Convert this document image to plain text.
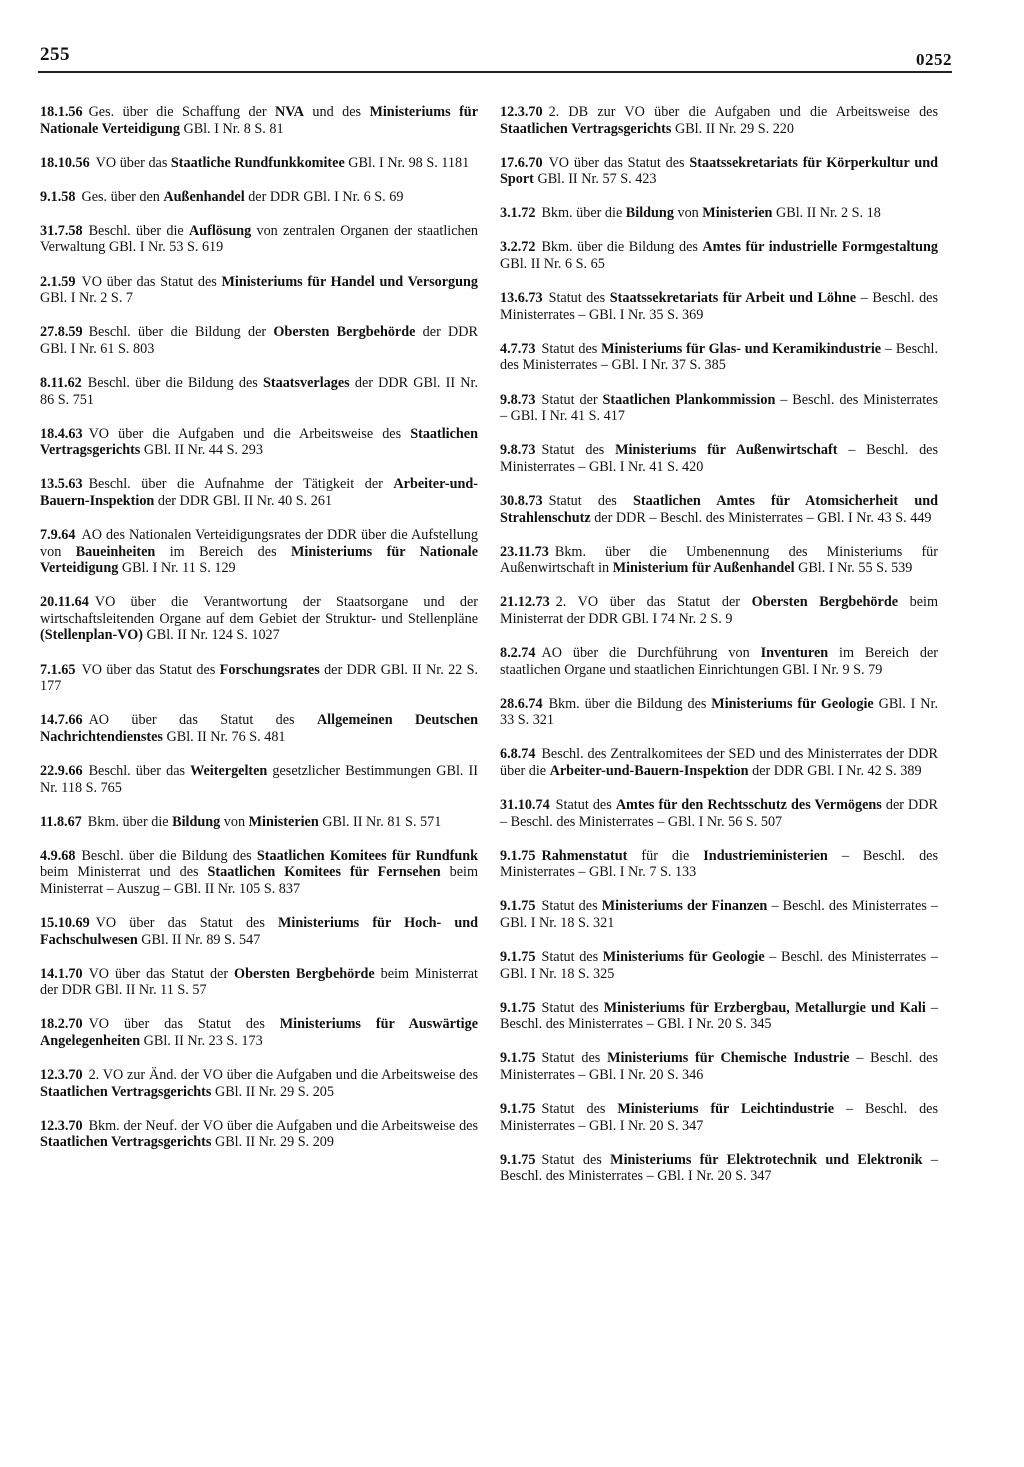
255	0252

18.1.56 Ges. über die Schaffung der NVA und des Ministeriums für Nationale Verteidigung GBl. I Nr. 8 S. 81

18.10.56 VO über das Staatliche Rundfunkkomitee GBl. I Nr. 98 S. 1181

9.1.58 Ges. über den Außenhandel der DDR GBl. I Nr. 6 S. 69

31.7.58 Beschl. über die Auflösung von zentralen Organen der staatlichen Verwaltung GBl. I Nr. 53 S. 619

2.1.59 VO über das Statut des Ministeriums für Handel und Versorgung GBl. I Nr. 2 S. 7

27.8.59 Beschl. über die Bildung der Obersten Bergbehörde der DDR GBl. I Nr. 61 S. 803

8.11.62 Beschl. über die Bildung des Staatsverlages der DDR GBl. II Nr. 86 S. 751

18.4.63 VO über die Aufgaben und die Arbeitsweise des Staatlichen Vertragsgerichts GBl. II Nr. 44 S. 293

13.5.63 Beschl. über die Aufnahme der Tätigkeit der Arbeiter-und-Bauern-Inspektion der DDR GBl. II Nr. 40 S. 261

7.9.64 AO des Nationalen Verteidigungsrates der DDR über die Aufstellung von Baueinheiten im Bereich des Ministeriums für Nationale Verteidigung GBl. I Nr. 11 S. 129

20.11.64 VO über die Verantwortung der Staatsorgane und der wirtschaftsleitenden Organe auf dem Gebiet der Struktur- und Stellenpläne (Stellenplan-VO) GBl. II Nr. 124 S. 1027

7.1.65 VO über das Statut des Forschungsrates der DDR GBl. II Nr. 22 S. 177

14.7.66 AO über das Statut des Allgemeinen Deutschen Nachrichtendienstes GBl. II Nr. 76 S. 481

22.9.66 Beschl. über das Weitergelten gesetzlicher Bestimmungen GBl. II Nr. 118 S. 765

11.8.67 Bkm. über die Bildung von Ministerien GBl. II Nr. 81 S. 571

4.9.68 Beschl. über die Bildung des Staatlichen Komitees für Rundfunk beim Ministerrat und des Staatlichen Komitees für Fernsehen beim Ministerrat – Auszug – GBl. II Nr. 105 S. 837

15.10.69 VO über das Statut des Ministeriums für Hoch- und Fachschulwesen GBl. II Nr. 89 S. 547

14.1.70 VO über das Statut der Obersten Bergbehörde beim Ministerrat der DDR GBl. II Nr. 11 S. 57

18.2.70 VO über das Statut des Ministeriums für Auswärtige Angelegenheiten GBl. II Nr. 23 S. 173

12.3.70 2. VO zur Änd. der VO über die Aufgaben und die Arbeitsweise des Staatlichen Vertragsgerichts GBl. II Nr. 29 S. 205

12.3.70 Bkm. der Neuf. der VO über die Aufgaben und die Arbeitsweise des Staatlichen Vertragsgerichts GBl. II Nr. 29 S. 209

12.3.70 2. DB zur VO über die Aufgaben und die Arbeitsweise des Staatlichen Vertragsgerichts GBl. II Nr. 29 S. 220

17.6.70 VO über das Statut des Staatssekretariats für Körperkultur und Sport GBl. II Nr. 57 S. 423

3.1.72 Bkm. über die Bildung von Ministerien GBl. II Nr. 2 S. 18

3.2.72 Bkm. über die Bildung des Amtes für industrielle Formgestaltung GBl. II Nr. 6 S. 65

13.6.73 Statut des Staatssekretariats für Arbeit und Löhne – Beschl. des Ministerrates – GBl. I Nr. 35 S. 369

4.7.73 Statut des Ministeriums für Glas- und Keramikindustrie – Beschl. des Ministerrates – GBl. I Nr. 37 S. 385

9.8.73 Statut der Staatlichen Plankommission – Beschl. des Ministerrates – GBl. I Nr. 41 S. 417

9.8.73 Statut des Ministeriums für Außenwirtschaft – Beschl. des Ministerrates – GBl. I Nr. 41 S. 420

30.8.73 Statut des Staatlichen Amtes für Atomsicherheit und Strahlenschutz der DDR – Beschl. des Ministerrates – GBl. I Nr. 43 S. 449

23.11.73 Bkm. über die Umbenennung des Ministeriums für Außenwirtschaft in Ministerium für Außenhandel GBl. I Nr. 55 S. 539

21.12.73 2. VO über das Statut der Obersten Bergbehörde beim Ministerrat der DDR GBl. I 74 Nr. 2 S. 9

8.2.74 AO über die Durchführung von Inventuren im Bereich der staatlichen Organe und staatlichen Einrichtungen GBl. I Nr. 9 S. 79

28.6.74 Bkm. über die Bildung des Ministeriums für Geologie GBl. I Nr. 33 S. 321

6.8.74 Beschl. des Zentralkomitees der SED und des Ministerrates der DDR über die Arbeiter-und-Bauern-Inspektion der DDR GBl. I Nr. 42 S. 389

31.10.74 Statut des Amtes für den Rechtsschutz des Vermögens der DDR – Beschl. des Ministerrates – GBl. I Nr. 56 S. 507

9.1.75 Rahmenstatut für die Industrieministerien – Beschl. des Ministerrates – GBl. I Nr. 7 S. 133

9.1.75 Statut des Ministeriums der Finanzen – Beschl. des Ministerrates – GBl. I Nr. 18 S. 321

9.1.75 Statut des Ministeriums für Geologie – Beschl. des Ministerrates – GBl. I Nr. 18 S. 325

9.1.75 Statut des Ministeriums für Erzbergbau, Metallurgie und Kali – Beschl. des Ministerrates – GBl. I Nr. 20 S. 345

9.1.75 Statut des Ministeriums für Chemische Industrie – Beschl. des Ministerrates – GBl. I Nr. 20 S. 346

9.1.75 Statut des Ministeriums für Leichtindustrie – Beschl. des Ministerrates – GBl. I Nr. 20 S. 347

9.1.75 Statut des Ministeriums für Elektrotechnik und Elektronik – Beschl. des Ministerrates – GBl. I Nr. 20 S. 347
